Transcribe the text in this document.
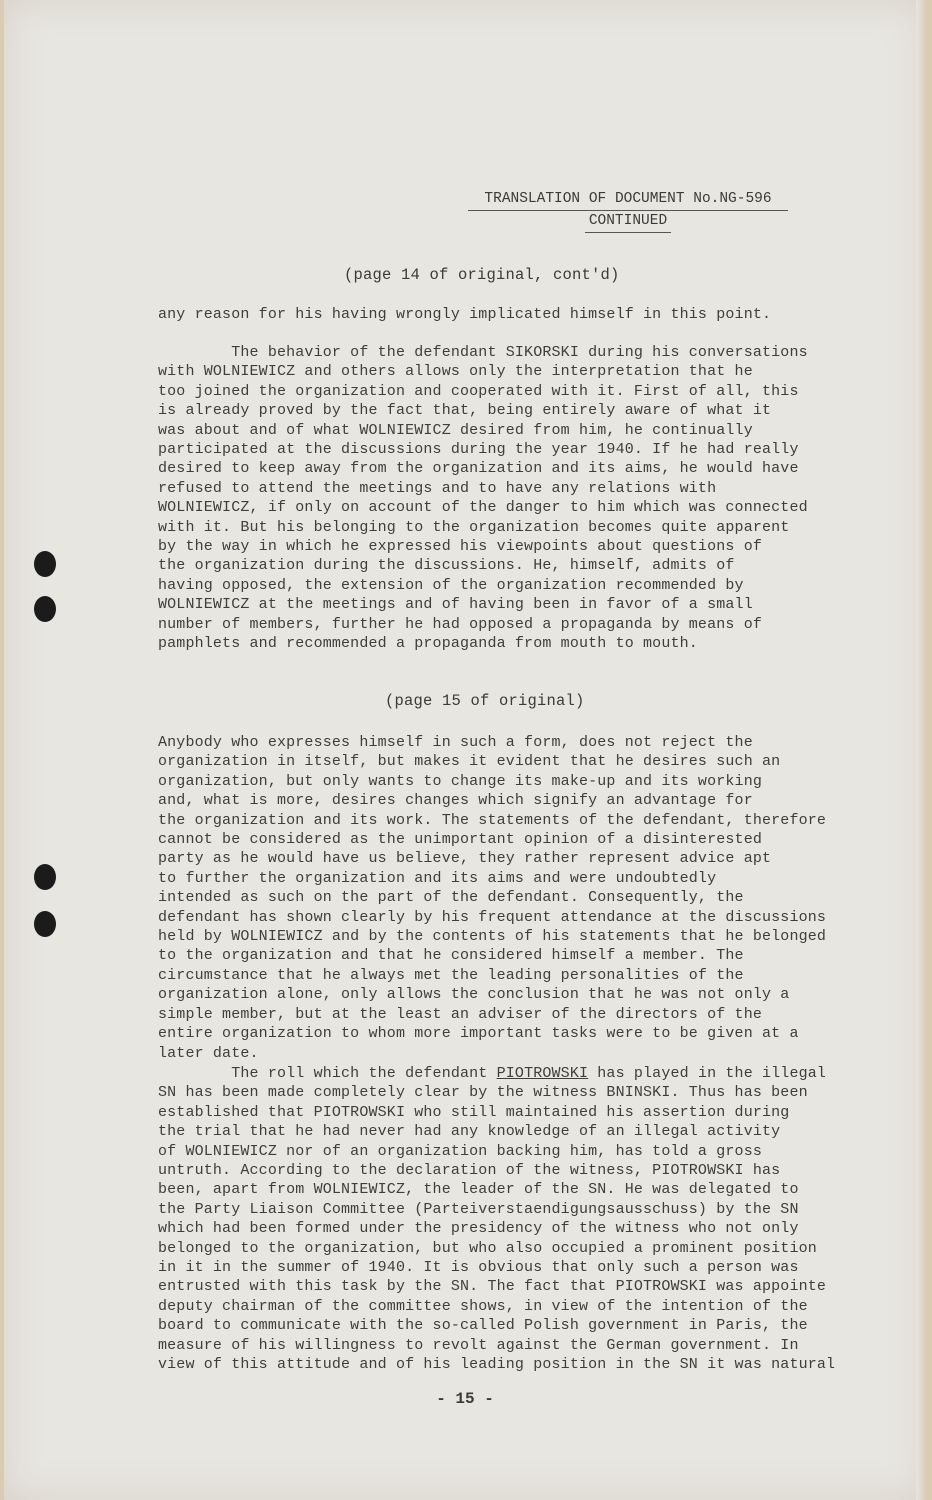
TRANSLATION OF DOCUMENT No.NG-596
CONTINUED
(page 14 of original, cont'd)
any reason for his having wrongly implicated himself in this point.
The behavior of the defendant SIKORSKI during his conversations
with WOLNIEWICZ and others allows only the interpretation that he
too joined the organization and cooperated with it. First of all, this
is already proved by the fact that, being entirely aware of what it
was about and of what WOLNIEWICZ desired from him, he continually
participated at the discussions during the year 1940. If he had really
desired to keep away from the organization and its aims, he would have
refused to attend the meetings and to have any relations with
WOLNIEWICZ, if only on account of the danger to him which was connected
with it. But his belonging to the organization becomes quite apparent
by the way in which he expressed his viewpoints about questions of
the organization during the discussions. He, himself, admits of
having opposed, the extension of the organization recommended by
WOLNIEWICZ at the meetings and of having been in favor of a small
number of members, further he had opposed a propaganda by means of
pamphlets and recommended a propaganda from mouth to mouth.
(page 15 of original)
Anybody who expresses himself in such a form, does not reject the
organization in itself, but makes it evident that he desires such an
organization, but only wants to change its make-up and its working
and, what is more, desires changes which signify an advantage for
the organization and its work. The statements of the defendant, therefore
cannot be considered as the unimportant opinion of a disinterested
party as he would have us believe, they rather represent advice apt
to further the organization and its aims and were undoubtedly
intended as such on the part of the defendant. Consequently, the
defendant has shown clearly by his frequent attendance at the discussions
held by WOLNIEWICZ and by the contents of his statements that he belonged
to the organization and that he considered himself a member. The
circumstance that he always met the leading personalities of the
organization alone, only allows the conclusion that he was not only a
simple member, but at the least an adviser of the directors of the
entire organization to whom more important tasks were to be given at a
later date.
The roll which the defendant PIOTROWSKI has played in the illegal
SN has been made completely clear by the witness BNINSKI. Thus has been
established that PIOTROWSKI who still maintained his assertion during
the trial that he had never had any knowledge of an illegal activity
of WOLNIEWICZ nor of an organization backing him, has told a gross
untruth. According to the declaration of the witness, PIOTROWSKI has
been, apart from WOLNIEWICZ, the leader of the SN. He was delegated to
the Party Liaison Committee (Parteiverstaendigungsausschuss) by the SN
which had been formed under the presidency of the witness who not only
belonged to the organization, but who also occupied a prominent position
in it in the summer of 1940. It is obvious that only such a person was
entrusted with this task by the SN. The fact that PIOTROWSKI was appointe
deputy chairman of the committee shows, in view of the intention of the
board to communicate with the so-called Polish government in Paris, the
measure of his willingness to revolt against the German government. In
view of this attitude and of his leading position in the SN it was natural
- 15 -
